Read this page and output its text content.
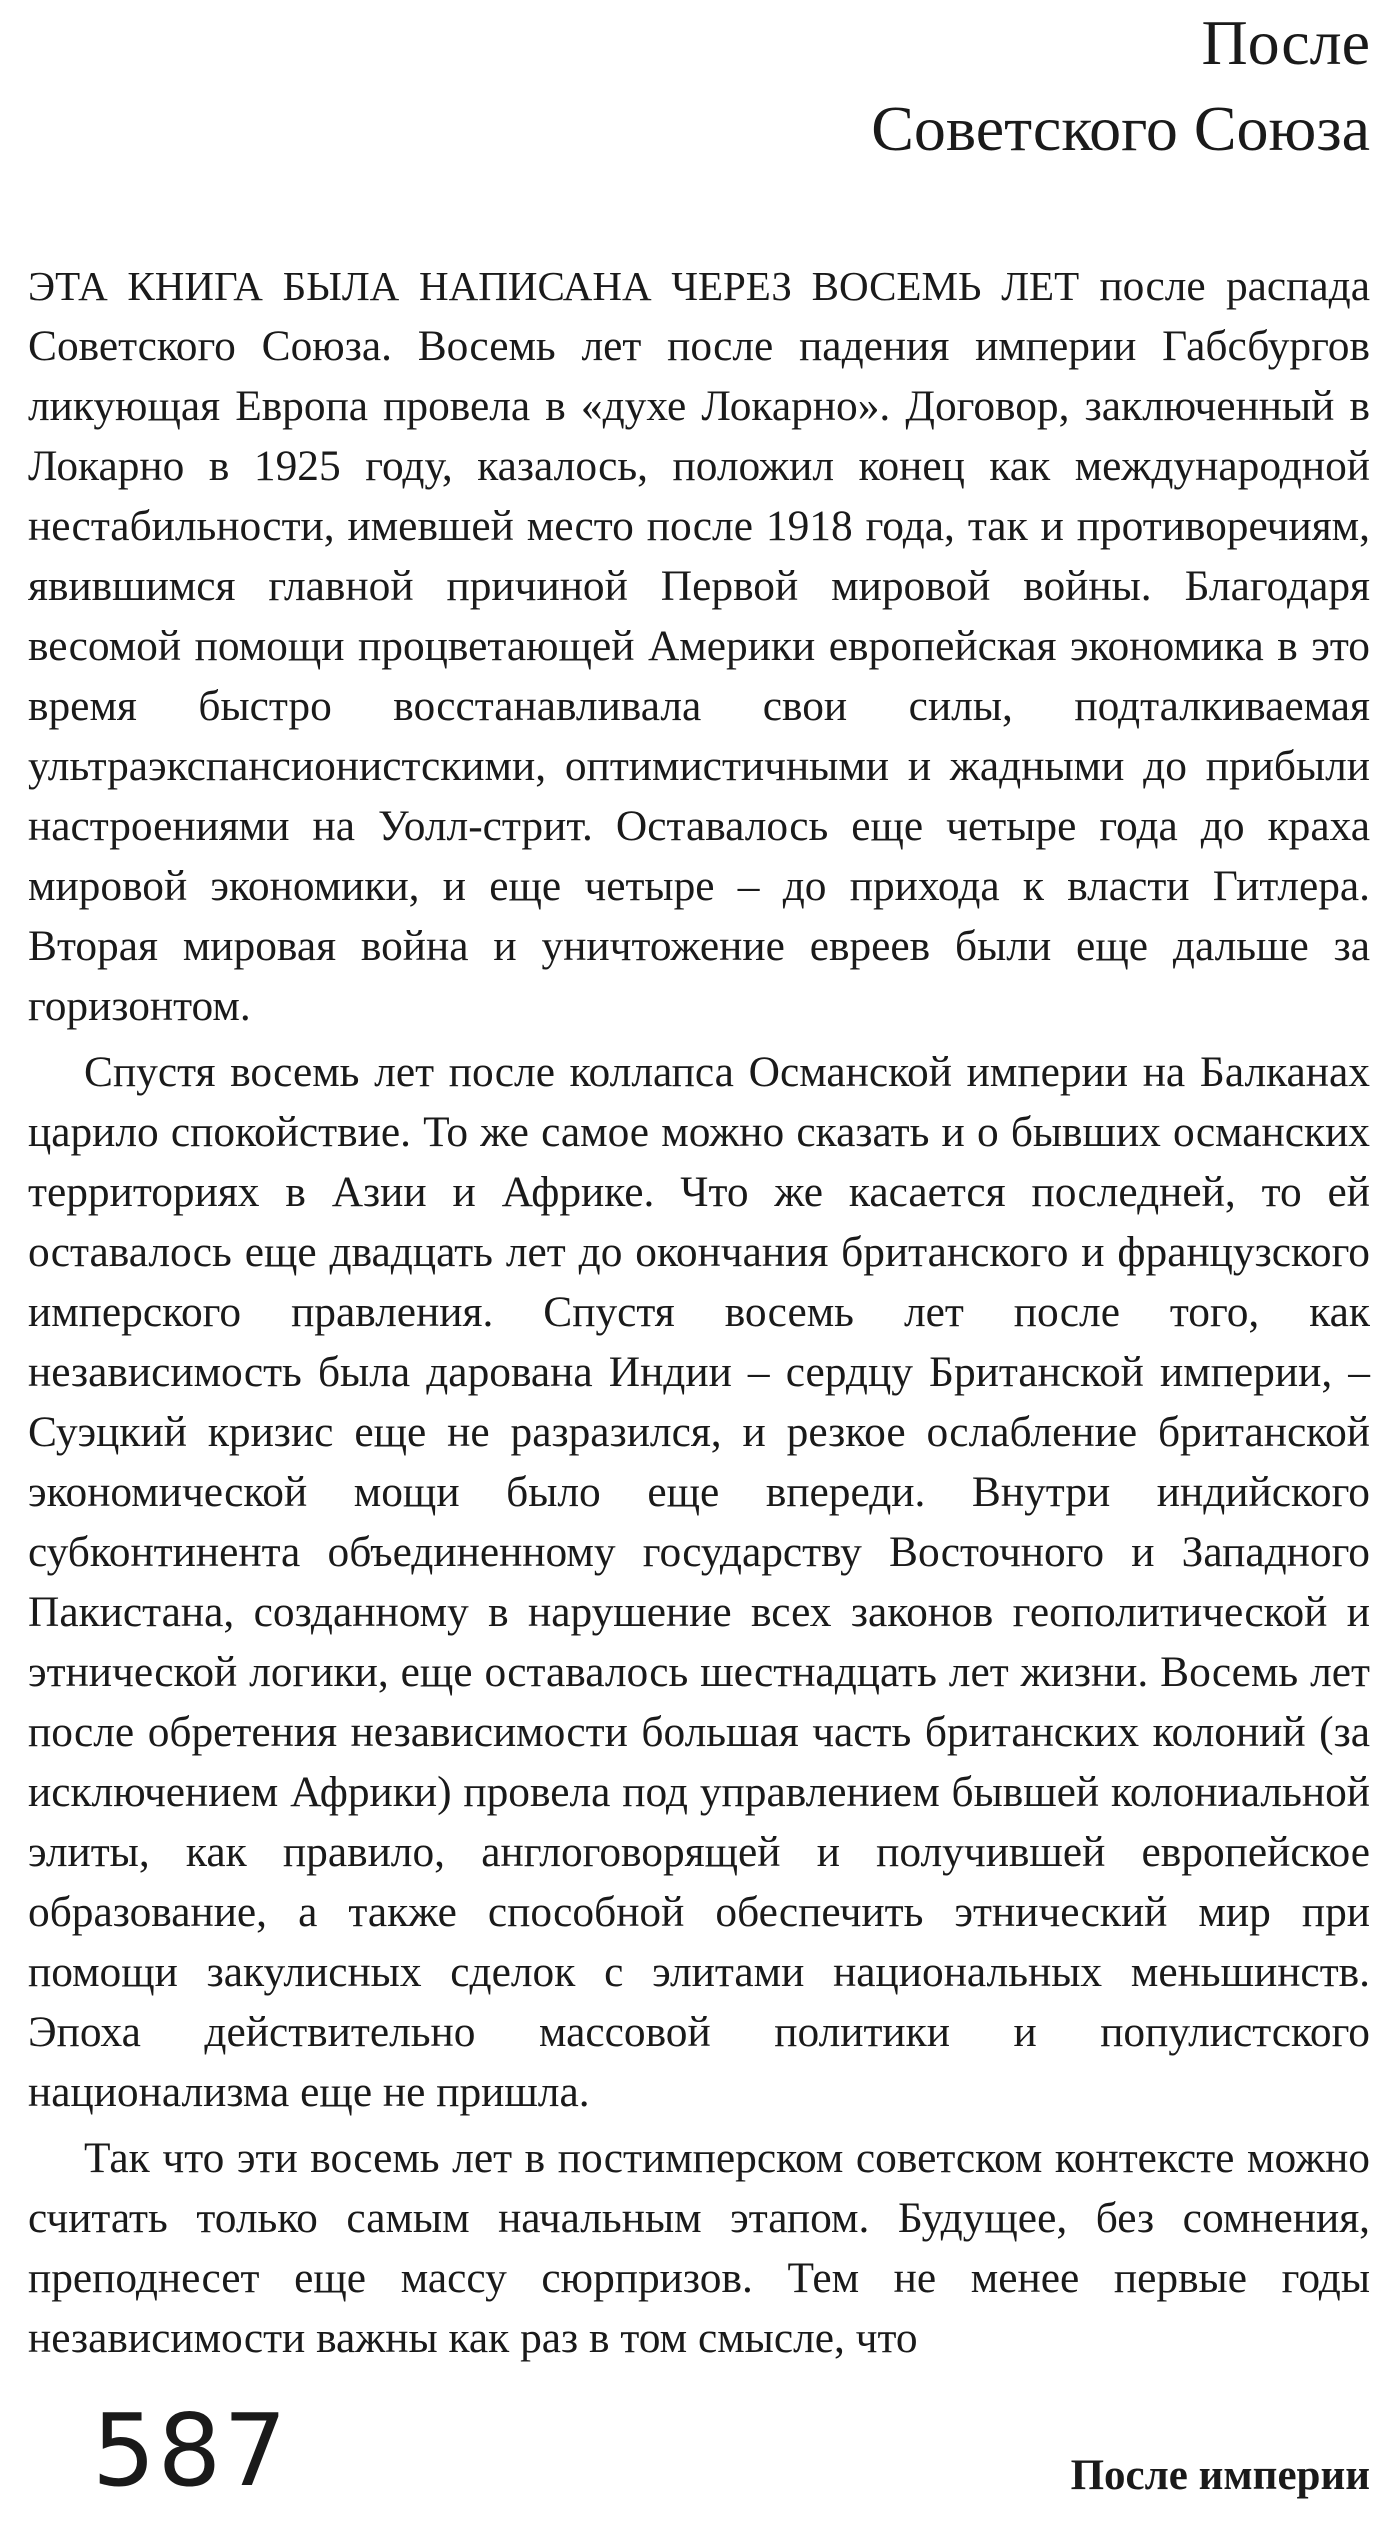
После
Советского Союза

ЭТА КНИГА БЫЛА НАПИСАНА ЧЕРЕЗ ВОСЕМЬ ЛЕТ после распада Советского Союза. Восемь лет после падения империи Габсбургов ликующая Европа провела в «духе Локарно». Договор, заключенный в Локарно в 1925 году, казалось, положил конец как международной нестабильности, имевшей место после 1918 года, так и противоречиям, явившимся главной причиной Первой мировой войны. Благодаря весомой помощи процветающей Америки европейская экономика в это время быстро восстанавливала свои силы, подталкиваемая ультраэкспансионистскими, оптимистичными и жадными до прибыли настроениями на Уолл-стрит. Оставалось еще четыре года до краха мировой экономики, и еще четыре – до прихода к власти Гитлера. Вторая мировая война и уничтожение евреев были еще дальше за горизонтом.

Спустя восемь лет после коллапса Османской империи на Балканах царило спокойствие. То же самое можно сказать и о бывших османских территориях в Азии и Африке. Что же касается последней, то ей оставалось еще двадцать лет до окончания британского и французского имперского правления. Спустя восемь лет после того, как независимость была дарована Индии – сердцу Британской империи, – Суэцкий кризис еще не разразился, и резкое ослабление британской экономической мощи было еще впереди. Внутри индийского субконтинента объединенному государству Восточного и Западного Пакистана, созданному в нарушение всех законов геополитической и этнической логики, еще оставалось шестнадцать лет жизни. Восемь лет после обретения независимости большая часть британских колоний (за исключением Африки) провела под управлением бывшей колониальной элиты, как правило, англоговорящей и получившей европейское образование, а также способной обеспечить этнический мир при помощи закулисных сделок с элитами национальных меньшинств. Эпоха действительно массовой политики и популистского национализма еще не пришла.

Так что эти восемь лет в постимперском советском контексте можно считать только самым начальным этапом. Будущее, без сомнения, преподнесет еще массу сюрпризов. Тем не менее первые годы независимости важны как раз в том смысле, что

587	После империи
